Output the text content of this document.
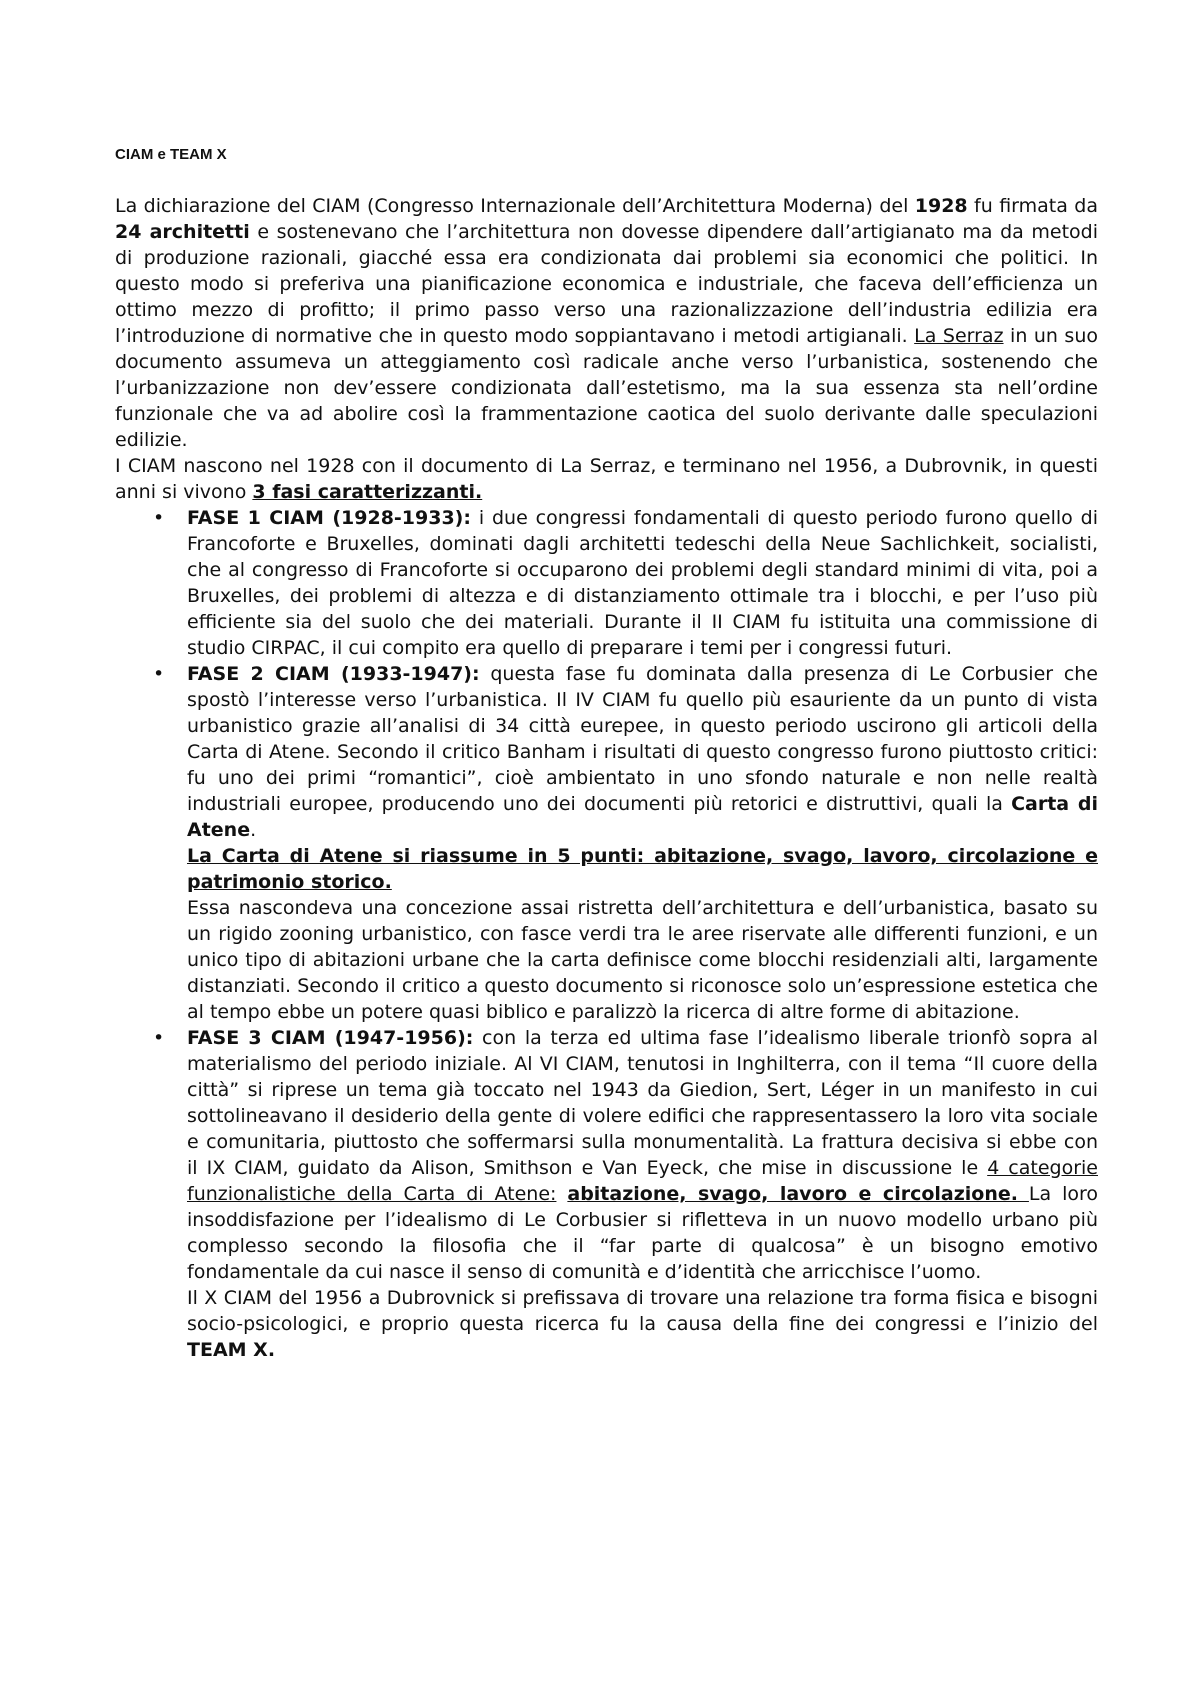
CIAM e TEAM X

La dichiarazione del CIAM (Congresso Internazionale dell’Architettura Moderna) del 1928 fu firmata da 24 architetti e sostenevano che l’architettura non dovesse dipendere dall’artigianato ma da metodi di produzione razionali, giacché essa era condizionata dai problemi sia economici che politici. In questo modo si preferiva una pianificazione economica e industriale, che faceva dell’efficienza un ottimo mezzo di profitto; il primo passo verso una razionalizzazione dell’industria edilizia era l’introduzione di normative che in questo modo soppiantavano i metodi artigianali. La Serraz in un suo documento assumeva un atteggiamento così radicale anche verso l’urbanistica, sostenendo che l’urbanizzazione non dev’essere condizionata dall’estetismo, ma la sua essenza sta nell’ordine funzionale che va ad abolire così la frammentazione caotica del suolo derivante dalle speculazioni edilizie.

I CIAM nascono nel 1928 con il documento di La Serraz, e terminano nel 1956, a Dubrovnik, in questi anni si vivono 3 fasi caratterizzanti.

• FASE 1 CIAM (1928-1933): i due congressi fondamentali di questo periodo furono quello di Francoforte e Bruxelles, dominati dagli architetti tedeschi della Neue Sachlichkeit, socialisti, che al congresso di Francoforte si occuparono dei problemi degli standard minimi di vita, poi a Bruxelles, dei problemi di altezza e di distanziamento ottimale tra i blocchi, e per l’uso più efficiente sia del suolo che dei materiali. Durante il II CIAM fu istituita una commissione di studio CIRPAC, il cui compito era quello di preparare i temi per i congressi futuri.

• FASE 2 CIAM (1933-1947): questa fase fu dominata dalla presenza di Le Corbusier che spostò l’interesse verso l’urbanistica. Il IV CIAM fu quello più esauriente da un punto di vista urbanistico grazie all’analisi di 34 città eurepee, in questo periodo uscirono gli articoli della Carta di Atene. Secondo il critico Banham i risultati di questo congresso furono piuttosto critici: fu uno dei primi “romantici”, cioè ambientato in uno sfondo naturale e non nelle realtà industriali europee, producendo uno dei documenti più retorici e distruttivi, quali la Carta di Atene.

La Carta di Atene si riassume in 5 punti: abitazione, svago, lavoro, circolazione e patrimonio storico.

Essa nascondeva una concezione assai ristretta dell’architettura e dell’urbanistica, basato su un rigido zooning urbanistico, con fasce verdi tra le aree riservate alle differenti funzioni, e un unico tipo di abitazioni urbane che la carta definisce come blocchi residenziali alti, largamente distanziati. Secondo il critico a questo documento si riconosce solo un’espressione estetica che al tempo ebbe un potere quasi biblico e paralizzò la ricerca di altre forme di abitazione.

• FASE 3 CIAM (1947-1956): con la terza ed ultima fase l’idealismo liberale trionfò sopra al materialismo del periodo iniziale. Al VI CIAM, tenutosi in Inghilterra, con il tema “Il cuore della città” si riprese un tema già toccato nel 1943 da Giedion, Sert, Léger in un manifesto in cui sottolineavano il desiderio della gente di volere edifici che rappresentassero la loro vita sociale e comunitaria, piuttosto che soffermarsi sulla monumentalità. La frattura decisiva si ebbe con il IX CIAM, guidato da Alison, Smithson e Van Eyeck, che mise in discussione le 4 categorie funzionalistiche della Carta di Atene: abitazione, svago, lavoro e circolazione. La loro insoddisfazione per l’idealismo di Le Corbusier si rifletteva in un nuovo modello urbano più complesso secondo la filosofia che il “far parte di qualcosa” è un bisogno emotivo fondamentale da cui nasce il senso di comunità e d’identità che arricchisce l’uomo.

Il X CIAM del 1956 a Dubrovnick si prefissava di trovare una relazione tra forma fisica e bisogni socio-psicologici, e proprio questa ricerca fu la causa della fine dei congressi e l’inizio del TEAM X.
